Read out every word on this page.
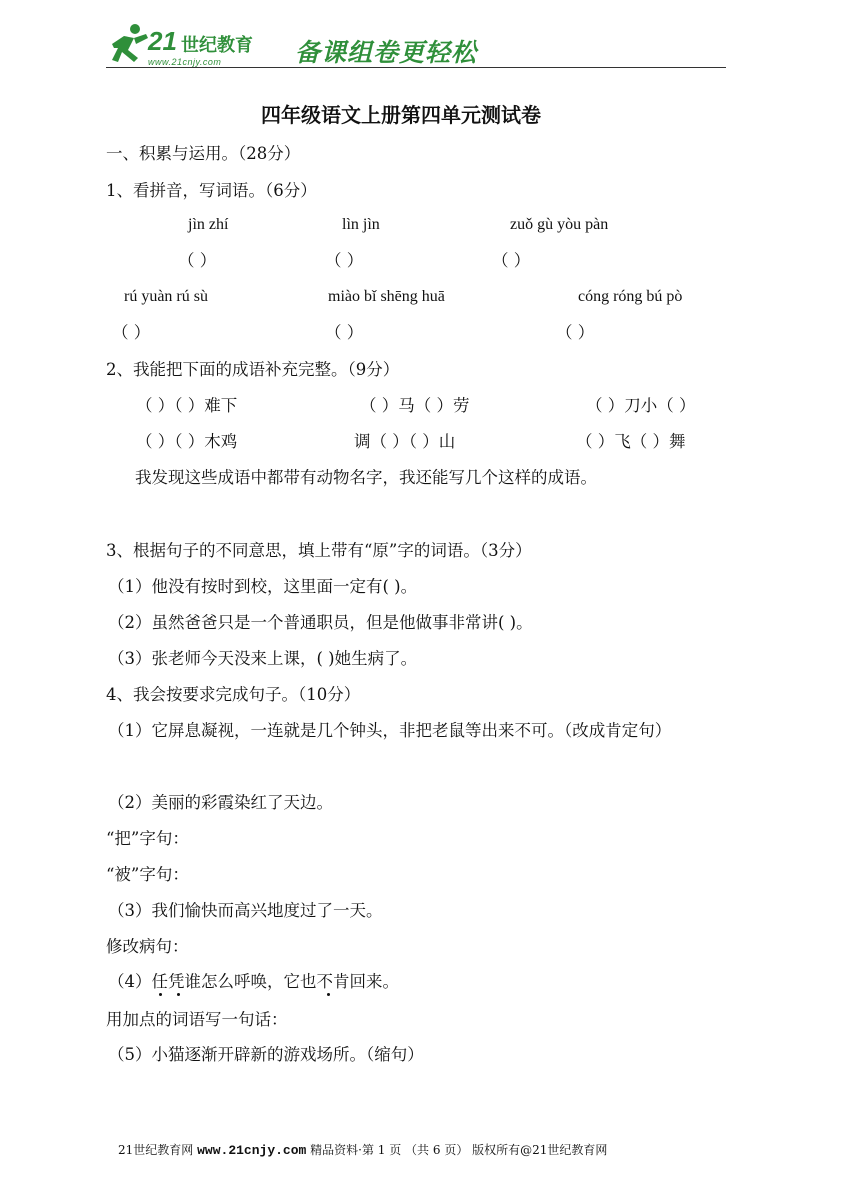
21 世纪教育
www.21cnjy.com	备课组卷更轻松
四年级语文上册第四单元测试卷
一、积累与运用。（28分）
1、看拼音，写词语。（6分）
jìn zhí	lìn jìn	zuǒ gù yòu pàn
（ ）	（ ）	（ ）
rú yuàn rú sù	miào bǐ shēng huā	cóng róng bú pò
（ ）	（ ）	（ ）
2、我能把下面的成语补充完整。（9分）
（ ）（ ）难下	（ ）马（ ）劳	（ ）刀小（ ）
（ ）（ ）木鸡	调（ ）（ ）山	（ ）飞（ ）舞
我发现这些成语中都带有动物名字，我还能写几个这样的成语。
3、根据句子的不同意思，填上带有“原”字的词语。（3分）
（1）他没有按时到校，这里面一定有( )。
（2）虽然爸爸只是一个普通职员，但是他做事非常讲( )。
（3）张老师今天没来上课，( )她生病了。
4、我会按要求完成句子。（10分）
（1）它屏息凝视，一连就是几个钟头，非把老鼠等出来不可。（改成肯定句）
（2）美丽的彩霞染红了天边。
“把”字句：
“被”字句：
（3）我们愉快而高兴地度过了一天。
修改病句：
（4）任凭谁怎么呼唤，它也不肯回来。
用加点的词语写一句话：
（5）小猫逐渐开辟新的游戏场所。（缩句）
21世纪教育网 www.21cnjy.com 精品资料·第 1 页 （共 6 页） 版权所有@21世纪教育网
